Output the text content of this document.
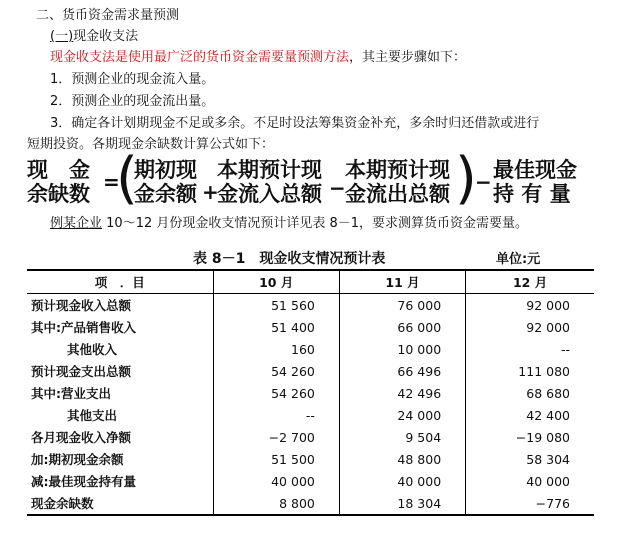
二、货币资金需求量预测
(一)现金收支法
现金收支法是使用最广泛的货币资金需要量预测方法，其主要步骤如下：
1．预测企业的现金流入量。
2．预测企业的现金流出量。
3．确定各计划期现金不足或多余。不足时设法筹集资金补充，多余时归还借款或进行
短期投资。各期现金余缺数计算公式如下：
现　金
余缺数 =
(
期初现
金余额 +
本期预计现
金流入总额 −
本期预计现
金流出总额 )
− 最佳现金
持 有 量
例某企业 10～12 月份现金收支情况预计详见表 8－1，要求测算货币资金需要量。
表 8－1　现金收支情况预计表	单位:元
项　．目	10 月	11 月	12 月
预计现金收入总额	51 560	76 000	92 000
其中:产品销售收入	51 400	66 000	92 000
其他收入	160	10 000	--
预计现金支出总额	54 260	66 496	111 080
其中:营业支出	54 260	42 496	68 680
其他支出	--	24 000	42 400
各月现金收入净额	−2 700	9 504	−19 080
加:期初现金余额	51 500	48 800	58 304
减:最佳现金持有量	40 000	40 000	40 000
现金余缺数	8 800	18 304	−776
